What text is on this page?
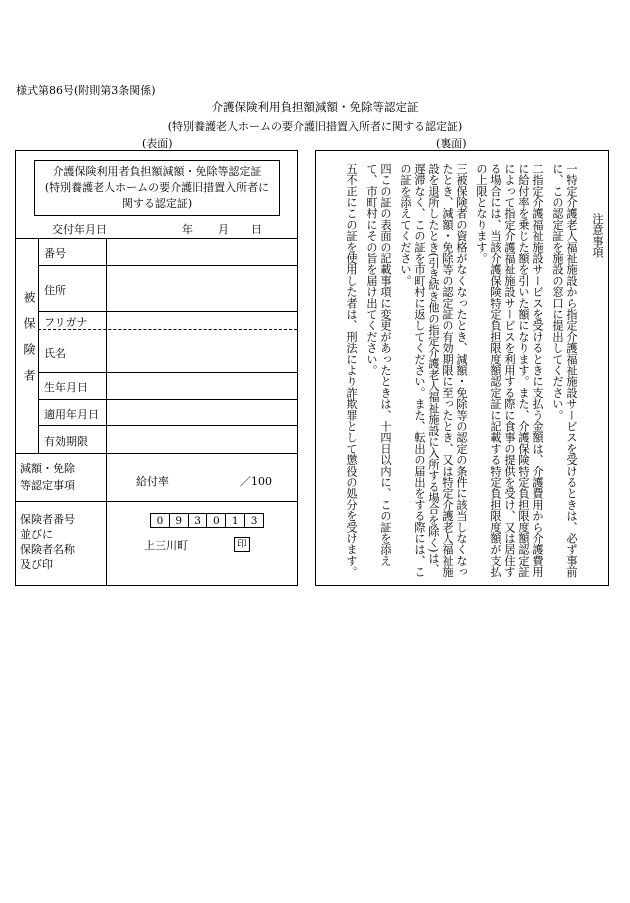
様式第86号(附則第3条関係)
介護保険利用負担額減額・免除等認定証
(特別養護老人ホームの要介護旧措置入所者に関する認定証)
(表面)	(裏面)
介護保険利用者負担額減額・免除等認定証
(特別養護老人ホームの要介護旧措置入所者に関する認定証)
交付年月日	年 月 日
被保険者
番号
住所
フリガナ
氏名
生年月日
適用年月日
有効期限
減額・免除
等認定事項	給付率	／100
保険者番号
並びに
保険者名称
及び印
0	9	3	0	1	3
上三川町	印
注意事項
一特定介護老人福祉施設から指定介護福祉施設サービスを受けるときは、必ず事前に、この認定証を施設の窓口に提出してください。
二指定介護福祉施設サービスを受けるときに支払う金額は、介護費用から介護費用に給付率を乗じた額を引いた額になります。また、介護保険特定負担限度額認定証によって指定介護福祉施設サービスを利用する際に食事の提供を受け、又は居住する場合には、当該介護保険特定負担限度額認定証に記載する特定負担限度額が支払の上限となります。
三被保険者の資格がなくなったとき、減額・免除等の認定の条件に該当しなくなったとき、減額・免除等の認定証の有効期限に至ったとき、又は特定介護老人福祉施設を退所したとき(引き続き他の指定介護老人福祉施設に入所する場合を除く)は、遅滞なく、この証を市町村に返してください。また、転出の届出をする際には、この証を添えてください。
四この証の表面の記載事項に変更があったときは、十四日以内に、この証を添えて、市町村にその旨を届け出てください。
五不正にこの証を使用した者は、刑法により詐欺罪として懲役の処分を受けます。
